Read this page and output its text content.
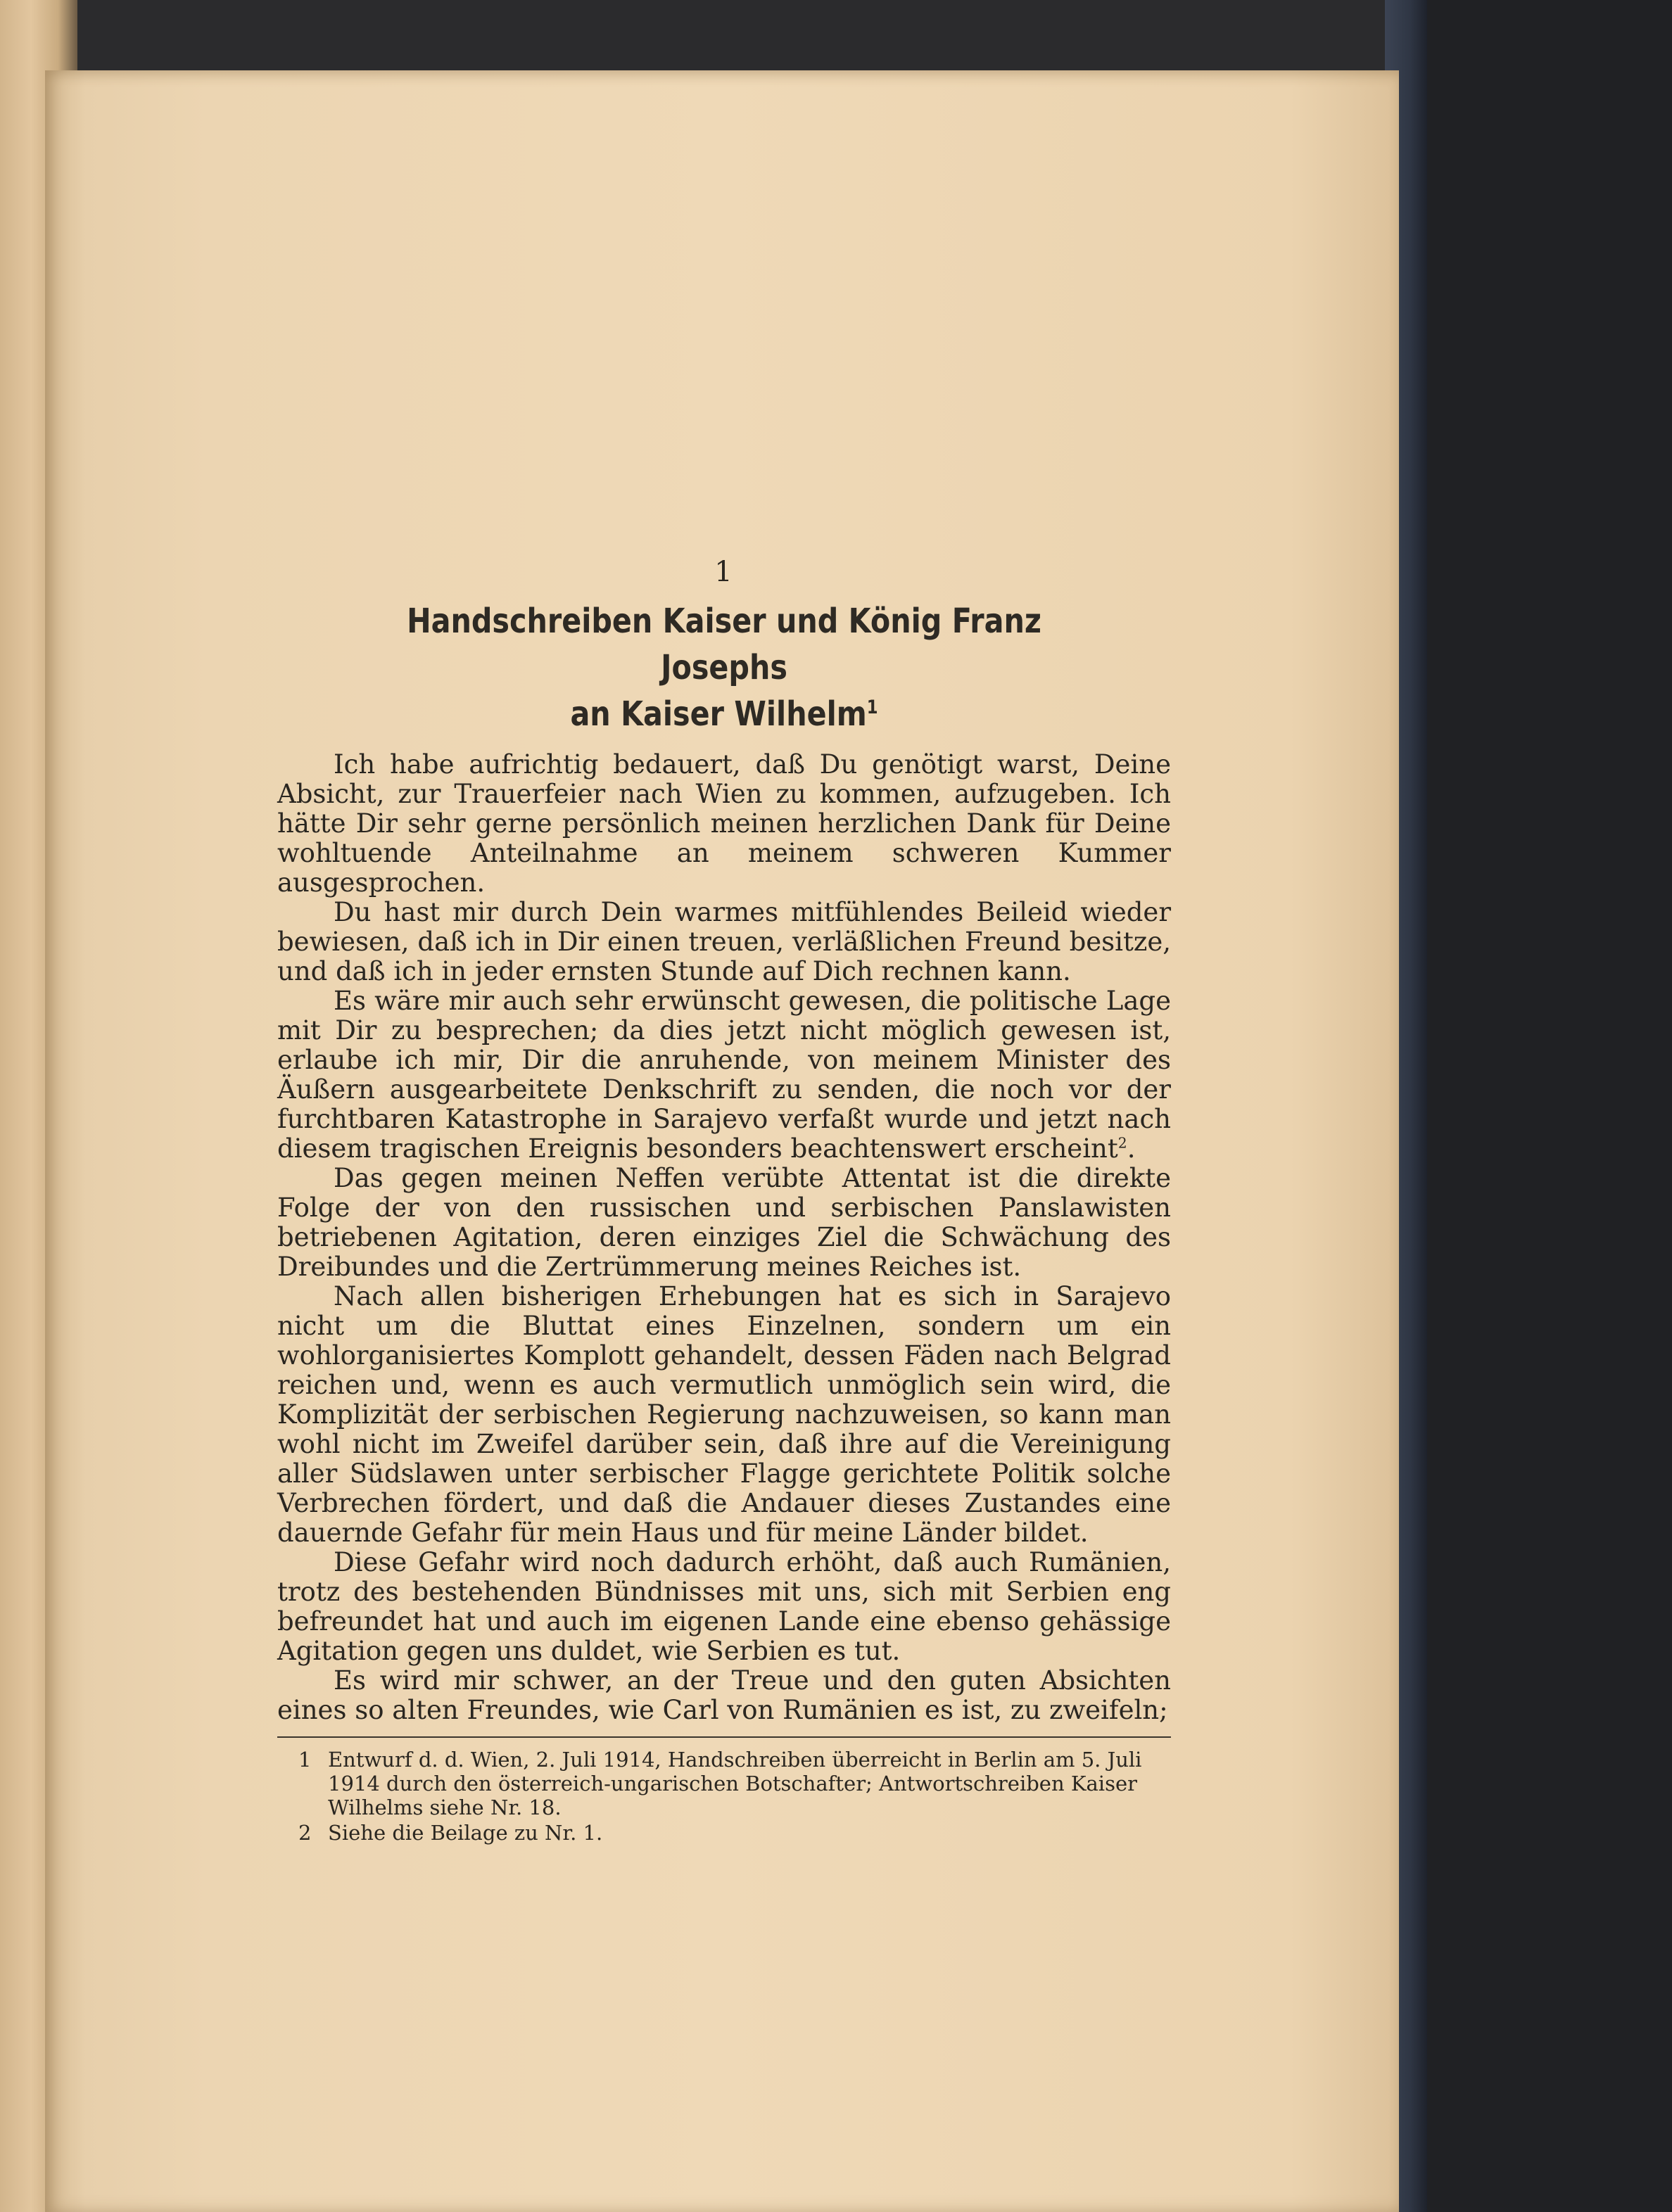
1
Handschreiben Kaiser und König Franz Josephs
an Kaiser Wilhelm$^1$

Ich habe aufrichtig bedauert, daß Du genötigt warst, Deine Absicht, zur Trauerfeier nach Wien zu kommen, aufzugeben. Ich hätte Dir sehr gerne persönlich meinen herzlichen Dank für Deine wohltuende Anteilnahme an meinem schweren Kummer ausgesprochen.

Du hast mir durch Dein warmes mitfühlendes Beileid wieder bewiesen, daß ich in Dir einen treuen, verläßlichen Freund besitze, und daß ich in jeder ernsten Stunde auf Dich rechnen kann.

Es wäre mir auch sehr erwünscht gewesen, die politische Lage mit Dir zu besprechen; da dies jetzt nicht möglich gewesen ist, erlaube ich mir, Dir die anruhende, von meinem Minister des Äußern ausgearbeitete Denkschrift zu senden, die noch vor der furchtbaren Katastrophe in Sarajevo verfaßt wurde und jetzt nach diesem tragischen Ereignis besonders beachtenswert erscheint$^2$.

Das gegen meinen Neffen verübte Attentat ist die direkte Folge der von den russischen und serbischen Panslawisten betriebenen Agitation, deren einziges Ziel die Schwächung des Dreibundes und die Zertrümmerung meines Reiches ist.

Nach allen bisherigen Erhebungen hat es sich in Sarajevo nicht um die Bluttat eines Einzelnen, sondern um ein wohlorganisiertes Komplott gehandelt, dessen Fäden nach Belgrad reichen und, wenn es auch vermutlich unmöglich sein wird, die Komplizität der serbischen Regierung nachzuweisen, so kann man wohl nicht im Zweifel darüber sein, daß ihre auf die Vereinigung aller Südslawen unter serbischer Flagge gerichtete Politik solche Verbrechen fördert, und daß die Andauer dieses Zustandes eine dauernde Gefahr für mein Haus und für meine Länder bildet.

Diese Gefahr wird noch dadurch erhöht, daß auch Rumänien, trotz des bestehenden Bündnisses mit uns, sich mit Serbien eng befreundet hat und auch im eigenen Lande eine ebenso gehässige Agitation gegen uns duldet, wie Serbien es tut.

Es wird mir schwer, an der Treue und den guten Absichten eines so alten Freundes, wie Carl von Rumänien es ist, zu zweifeln;

1 Entwurf d. d. Wien, 2. Juli 1914, Handschreiben überreicht in Berlin am 5. Juli 1914 durch den österreich-ungarischen Botschafter; Antwortschreiben Kaiser Wilhelms siehe Nr. 18.
2 Siehe die Beilage zu Nr. 1.
